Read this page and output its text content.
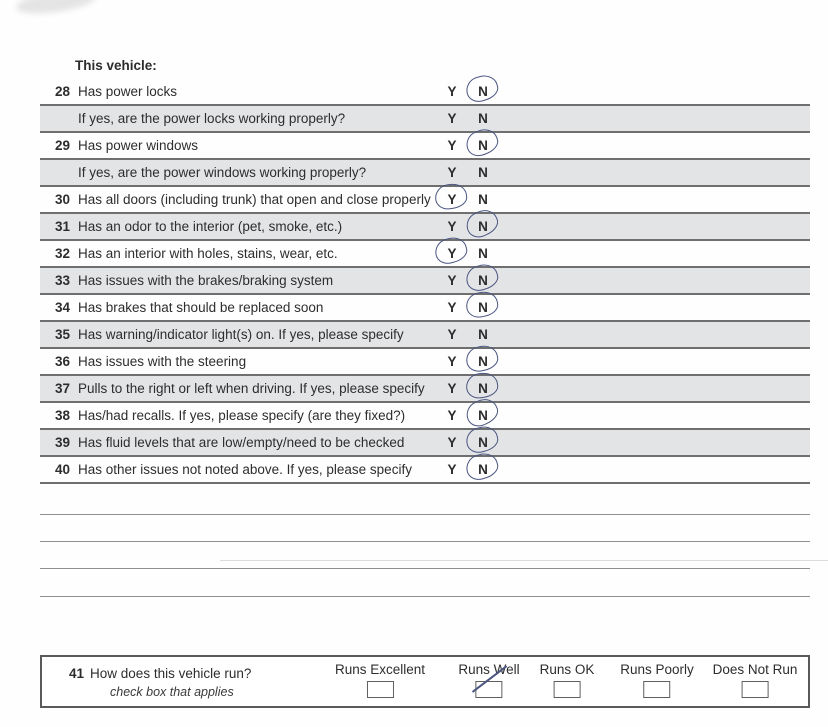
This vehicle:
28 Has power locks	Y N
If yes, are the power locks working properly?	Y N
29 Has power windows	Y N
If yes, are the power windows working properly?	Y N
30 Has all doors (including trunk) that open and close properly Y N
31 Has an odor to the interior (pet, smoke, etc.)	Y N
32 Has an interior with holes, stains, wear, etc.	Y N
33 Has issues with the brakes/braking system	Y N
34 Has brakes that should be replaced soon	Y N
35 Has warning/indicator light(s) on. If yes, please specify	Y N
36 Has issues with the steering	Y N
37 Pulls to the right or left when driving. If yes, please specify Y N
38 Has/had recalls. If yes, please specify (are they fixed?)	Y N
39 Has fluid levels that are low/empty/need to be checked	Y N
40 Has other issues not noted above. If yes, please specify	Y N
41 How does this vehicle run?
check box that applies
Runs Excellent Runs Well Runs OK Runs Poorly Does Not Run
